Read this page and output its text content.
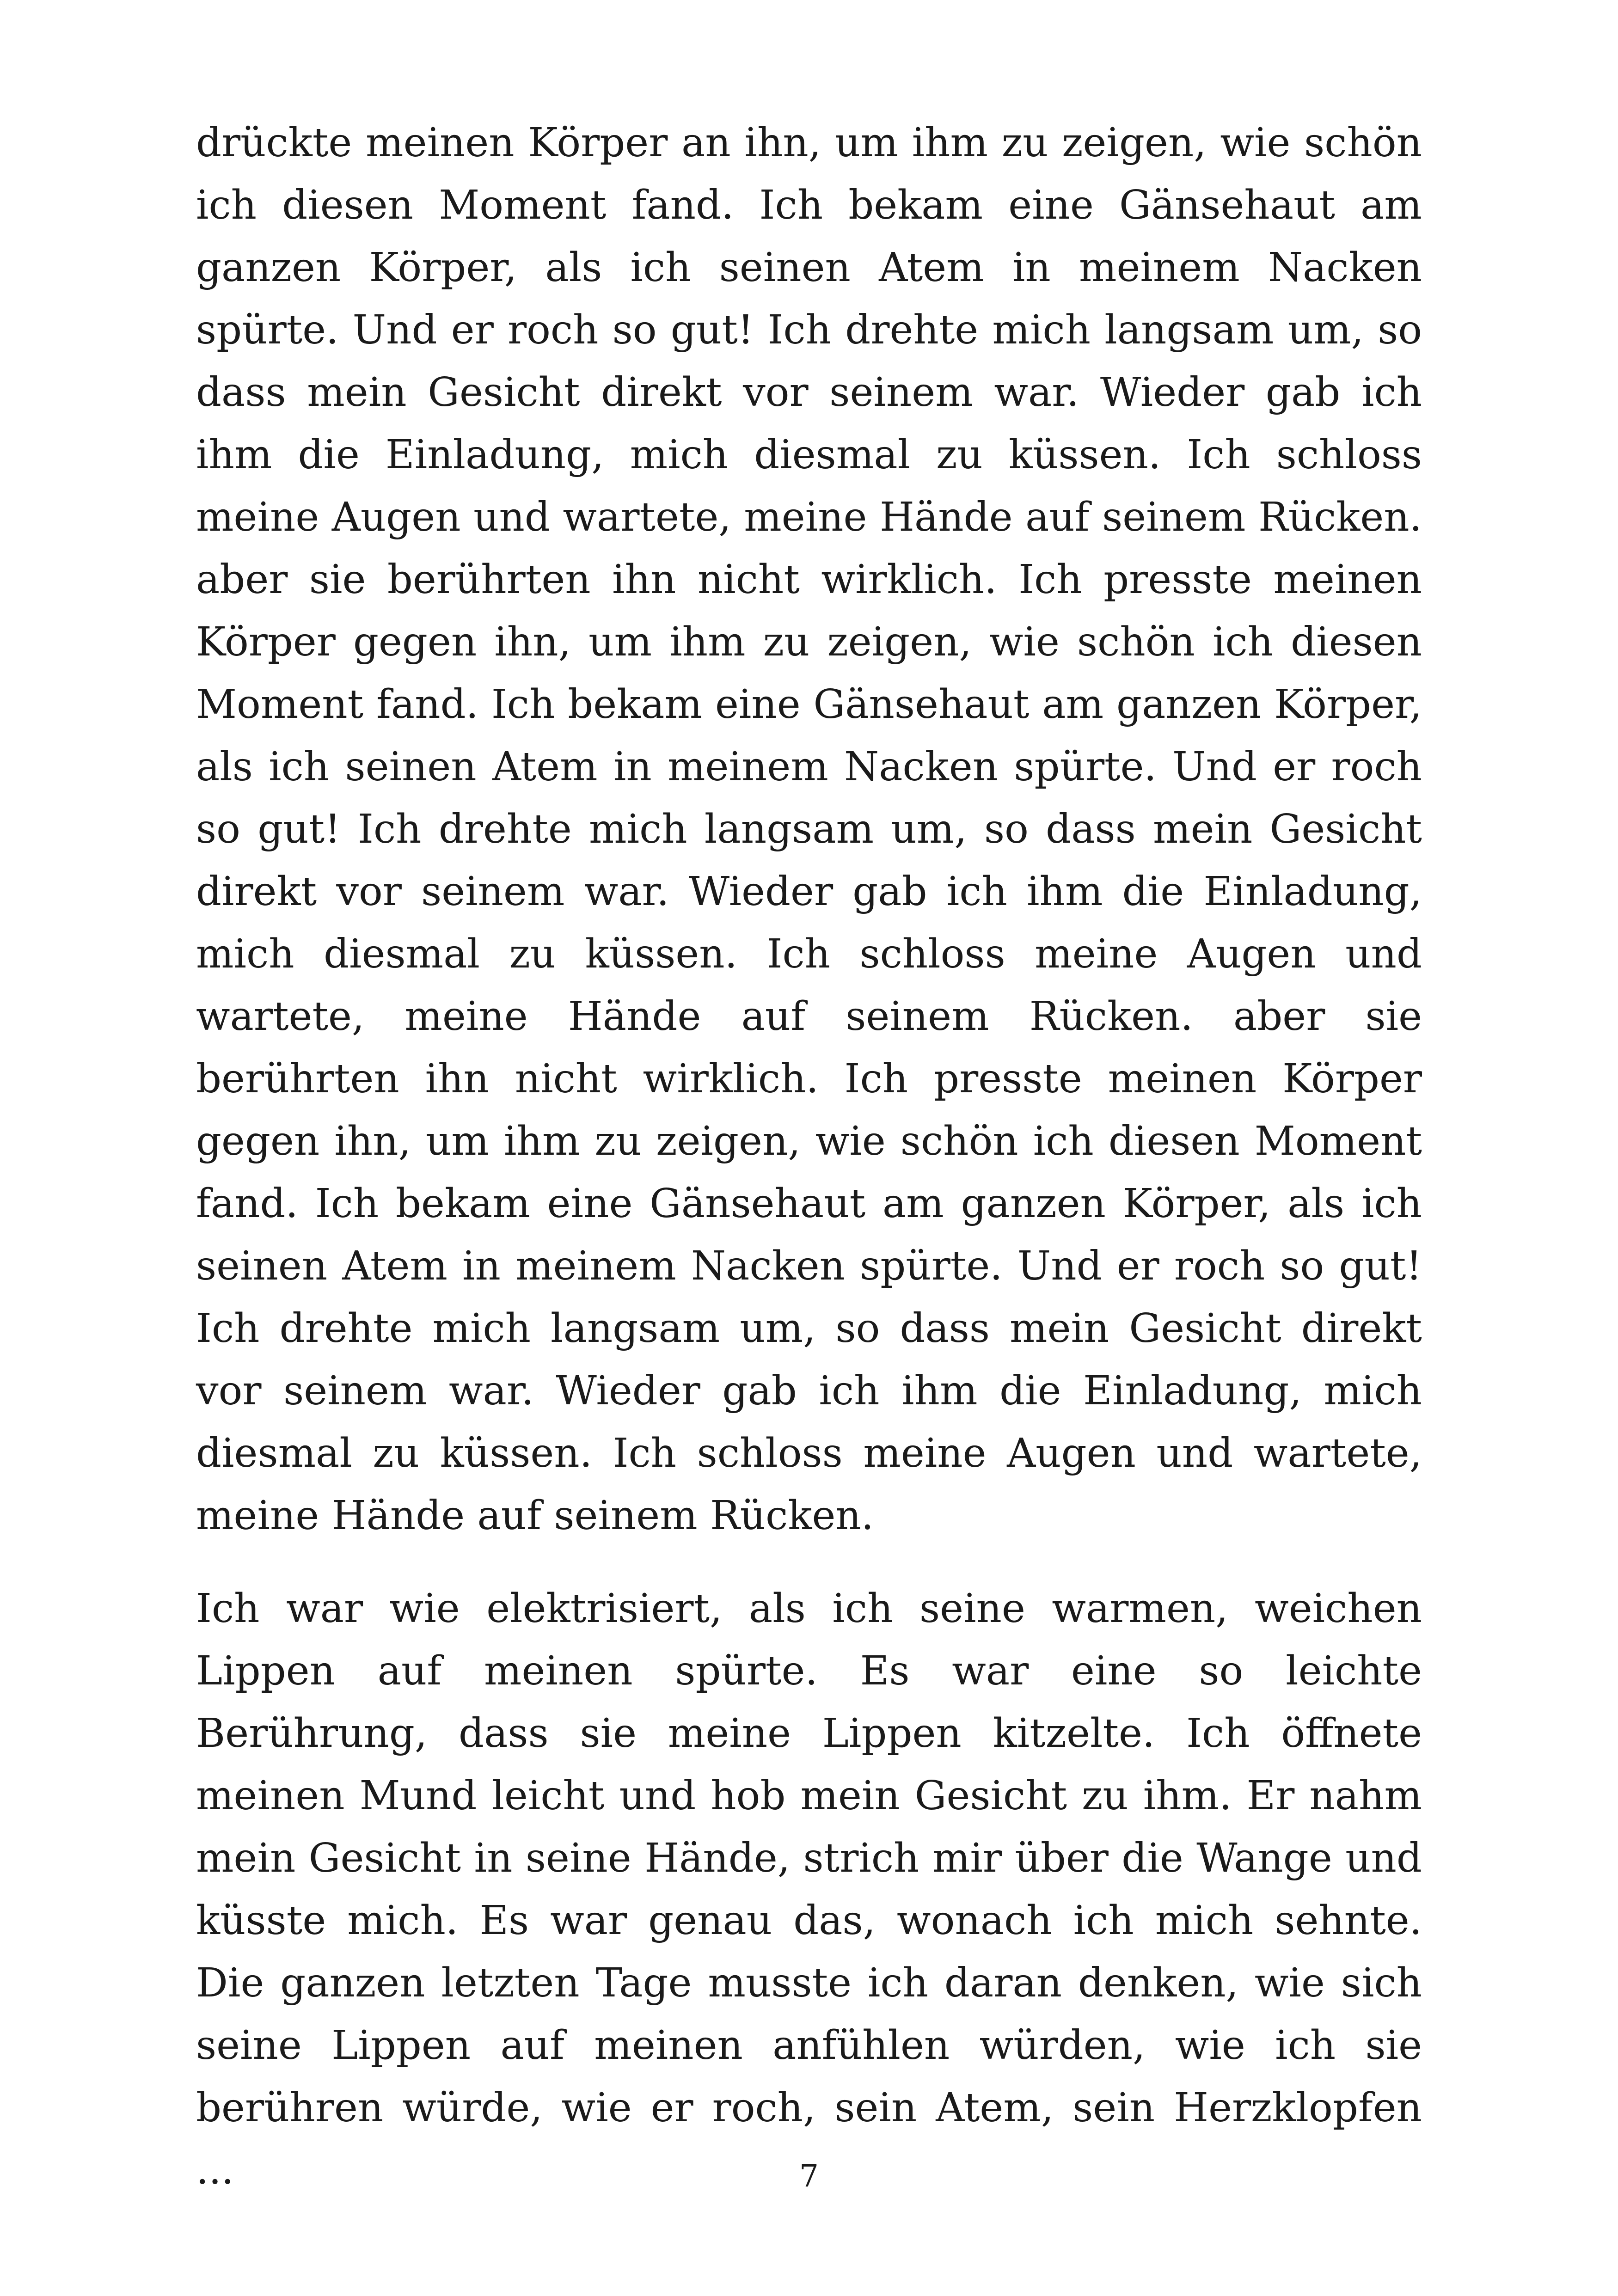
drückte meinen Körper an ihn, um ihm zu zeigen, wie schön ich diesen Moment fand. Ich bekam eine Gänsehaut am ganzen Körper, als ich seinen Atem in meinem Nacken spürte. Und er roch so gut! Ich drehte mich langsam um, so dass mein Gesicht direkt vor seinem war. Wieder gab ich ihm die Einladung, mich diesmal zu küssen. Ich schloss meine Augen und wartete, meine Hände auf seinem Rücken. aber sie berührten ihn nicht wirklich. Ich presste meinen Körper gegen ihn, um ihm zu zeigen, wie schön ich diesen Moment fand. Ich bekam eine Gänsehaut am ganzen Körper, als ich seinen Atem in meinem Nacken spürte. Und er roch so gut! Ich drehte mich langsam um, so dass mein Gesicht direkt vor seinem war. Wieder gab ich ihm die Einladung, mich diesmal zu küssen. Ich schloss meine Augen und wartete, meine Hände auf seinem Rücken. aber sie berührten ihn nicht wirklich. Ich presste meinen Körper gegen ihn, um ihm zu zeigen, wie schön ich diesen Moment fand. Ich bekam eine Gänsehaut am ganzen Körper, als ich seinen Atem in meinem Nacken spürte. Und er roch so gut! Ich drehte mich langsam um, so dass mein Gesicht direkt vor seinem war. Wieder gab ich ihm die Einladung, mich diesmal zu küssen. Ich schloss meine Augen und wartete, meine Hände auf seinem Rücken.

Ich war wie elektrisiert, als ich seine warmen, weichen Lippen auf meinen spürte. Es war eine so leichte Berührung, dass sie meine Lippen kitzelte. Ich öffnete meinen Mund leicht und hob mein Gesicht zu ihm. Er nahm mein Gesicht in seine Hände, strich mir über die Wange und küsste mich. Es war genau das, wonach ich mich sehnte. Die ganzen letzten Tage musste ich daran denken, wie sich seine Lippen auf meinen anfühlen würden, wie ich sie berühren würde, wie er roch, sein Atem, sein Herzklopfen ...	7
